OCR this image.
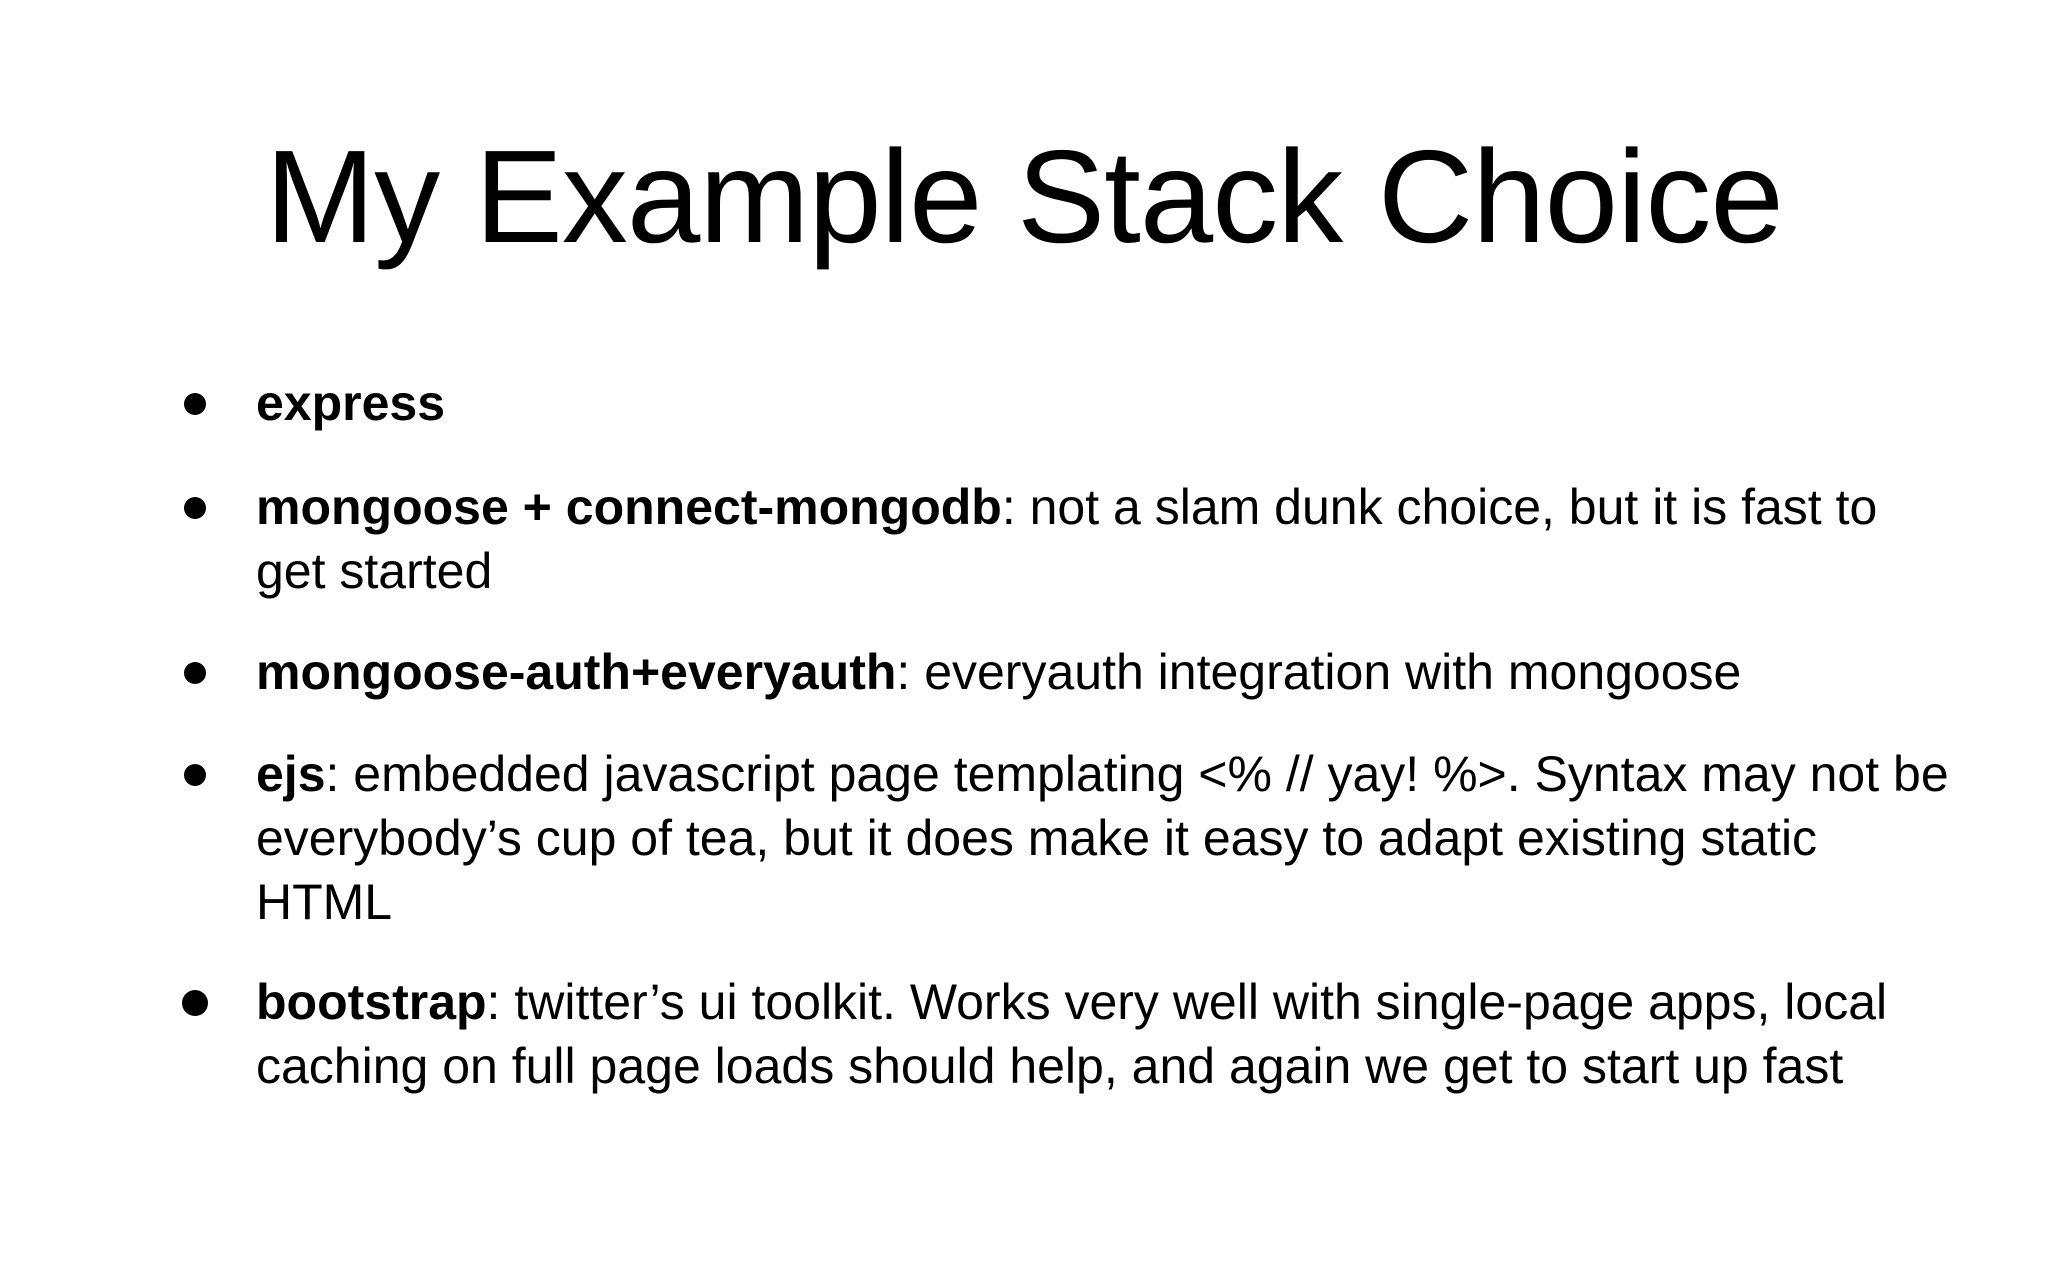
My Example Stack Choice
express
mongoose + connect-mongodb: not a slam dunk choice, but it is fast to get started
mongoose-auth+everyauth: everyauth integration with mongoose
ejs: embedded javascript page templating <% // yay! %>. Syntax may not be everybody’s cup of tea, but it does make it easy to adapt existing static HTML
bootstrap: twitter’s ui toolkit. Works very well with single-page apps, local caching on full page loads should help, and again we get to start up fast
